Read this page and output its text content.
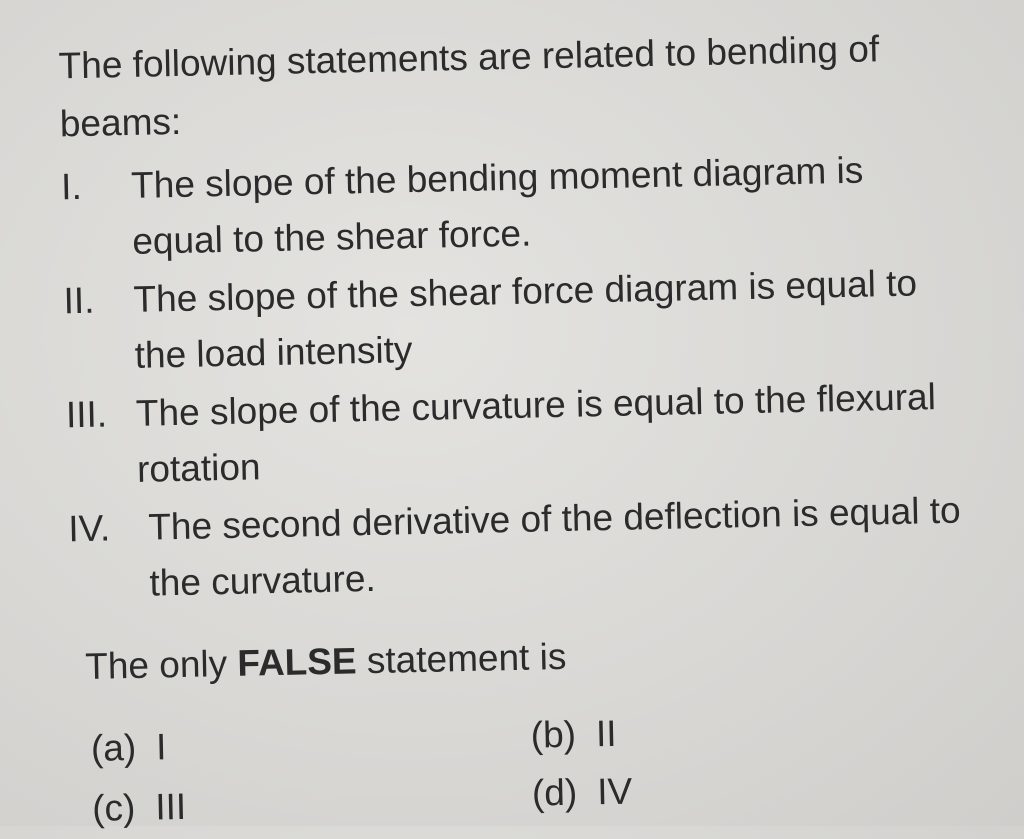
The following statements are related to bending of beams:
I. The slope of the bending moment diagram is equal to the shear force.
II. The slope of the shear force diagram is equal to the load intensity
III. The slope of the curvature is equal to the flexural rotation
IV. The second derivative of the deflection is equal to the curvature.
The only FALSE statement is
(a) I	(b) II
(c) III	(d) IV
